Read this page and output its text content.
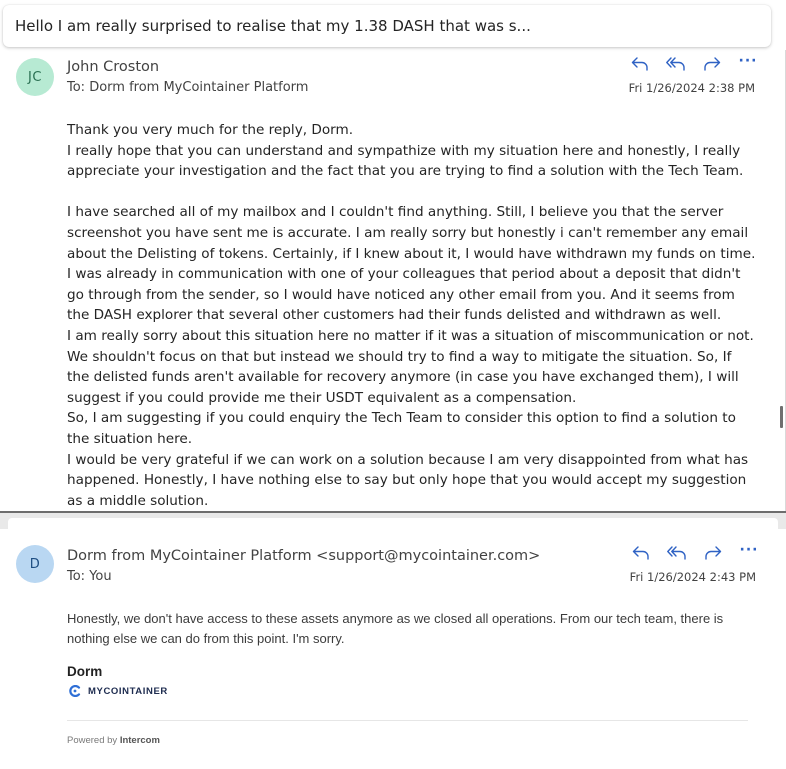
Hello I am really surprised to realise that my 1.38 DASH that was s...
JC
John Croston
To: Dorm from MyCointainer Platform
···
Fri 1/26/2024 2:38 PM

Thank you very much for the reply, Dorm.

I really hope that you can understand and sympathize with my situation here and honestly, I really appreciate your investigation and the fact that you are trying to find a solution with the Tech Team.

I have searched all of my mailbox and I couldn't find anything. Still, I believe you that the server screenshot you have sent me is accurate. I am really sorry but honestly i can't remember any email about the Delisting of tokens. Certainly, if I knew about it, I would have withdrawn my funds on time. I was already in communication with one of your colleagues that period about a deposit that didn't go through from the sender, so I would have noticed any other email from you. And it seems from the DASH explorer that several other customers had their funds delisted and withdrawn as well.

I am really sorry about this situation here no matter if it was a situation of miscommunication or not. We shouldn't focus on that but instead we should try to find a way to mitigate the situation. So, If the delisted funds aren't available for recovery anymore (in case you have exchanged them), I will suggest if you could provide me their USDT equivalent as a compensation.

So, I am suggesting if you could enquiry the Tech Team to consider this option to find a solution to the situation here.

I would be very grateful if we can work on a solution because I am very disappointed from what has happened. Honestly, I have nothing else to say but only hope that you would accept my suggestion as a middle solution.

D	Dorm from MyCointainer Platform <support@mycointainer.com>
To: You
···
Fri 1/26/2024 2:43 PM
Honestly, we don't have access to these assets anymore as we closed all operations. From our tech team, there is nothing else we can do from this point. I'm sorry.
Dorm
MYCOINTAINER
Powered by Intercom
